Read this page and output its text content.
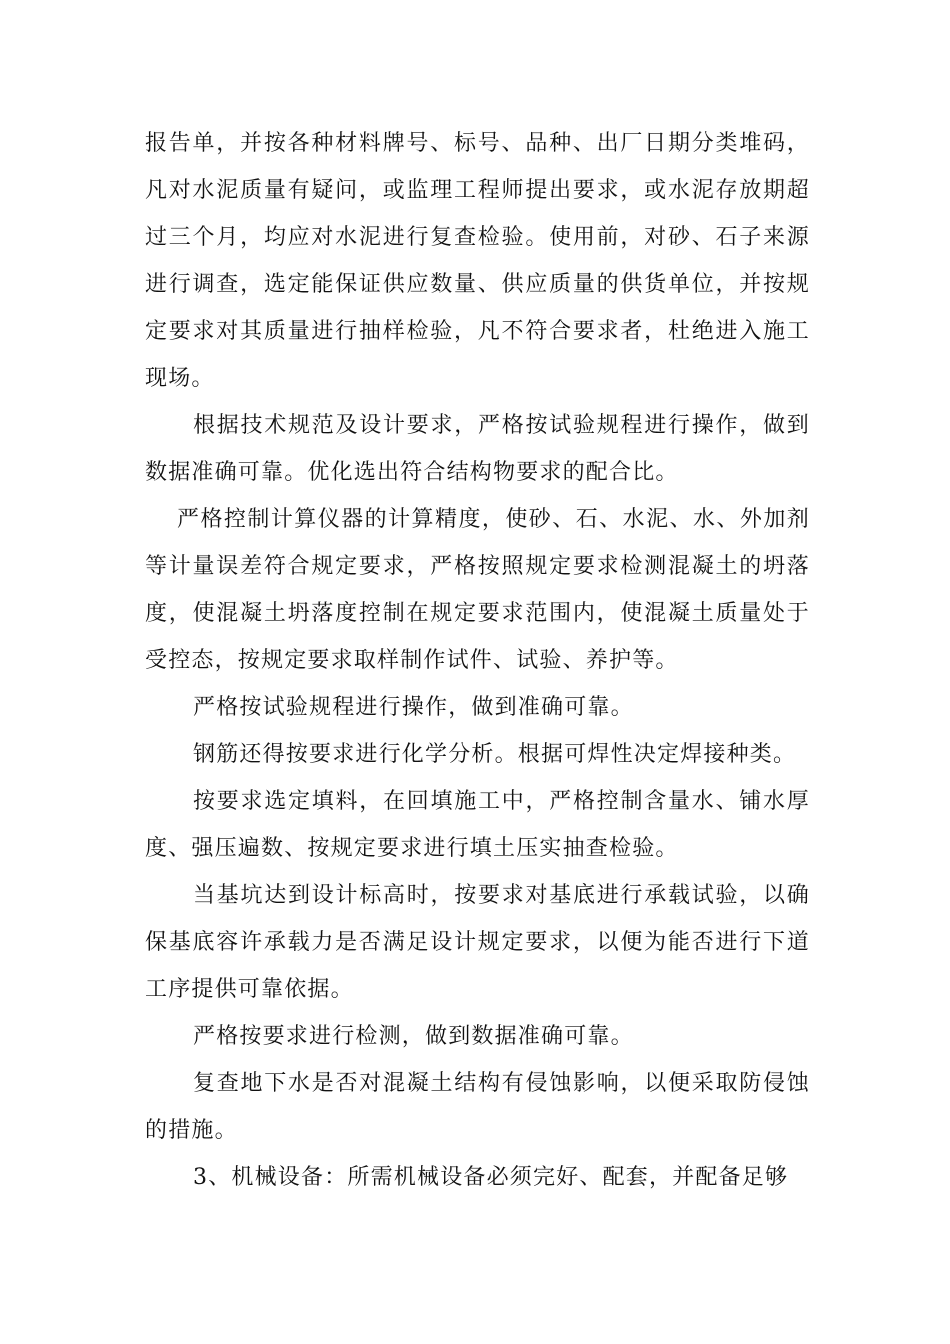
报告单，并按各种材料牌号、标号、品种、出厂日期分类堆码，凡对水泥质量有疑问，或监理工程师提出要求，或水泥存放期超过三个月，均应对水泥进行复查检验。使用前，对砂、石子来源进行调查，选定能保证供应数量、供应质量的供货单位，并按规定要求对其质量进行抽样检验，凡不符合要求者，杜绝进入施工现场。

根据技术规范及设计要求，严格按试验规程进行操作，做到数据准确可靠。优化选出符合结构物要求的配合比。

严格控制计算仪器的计算精度，使砂、石、水泥、水、外加剂等计量误差符合规定要求，严格按照规定要求检测混凝土的坍落度，使混凝土坍落度控制在规定要求范围内，使混凝土质量处于受控态，按规定要求取样制作试件、试验、养护等。

严格按试验规程进行操作，做到准确可靠。

钢筋还得按要求进行化学分析。根据可焊性决定焊接种类。

按要求选定填料，在回填施工中，严格控制含量水、铺水厚度、强压遍数、按规定要求进行填土压实抽查检验。

当基坑达到设计标高时，按要求对基底进行承载试验，以确保基底容许承载力是否满足设计规定要求，以便为能否进行下道工序提供可靠依据。

严格按要求进行检测，做到数据准确可靠。

复查地下水是否对混凝土结构有侵蚀影响，以便采取防侵蚀的措施。

3、机械设备：所需机械设备必须完好、配套，并配备足够
